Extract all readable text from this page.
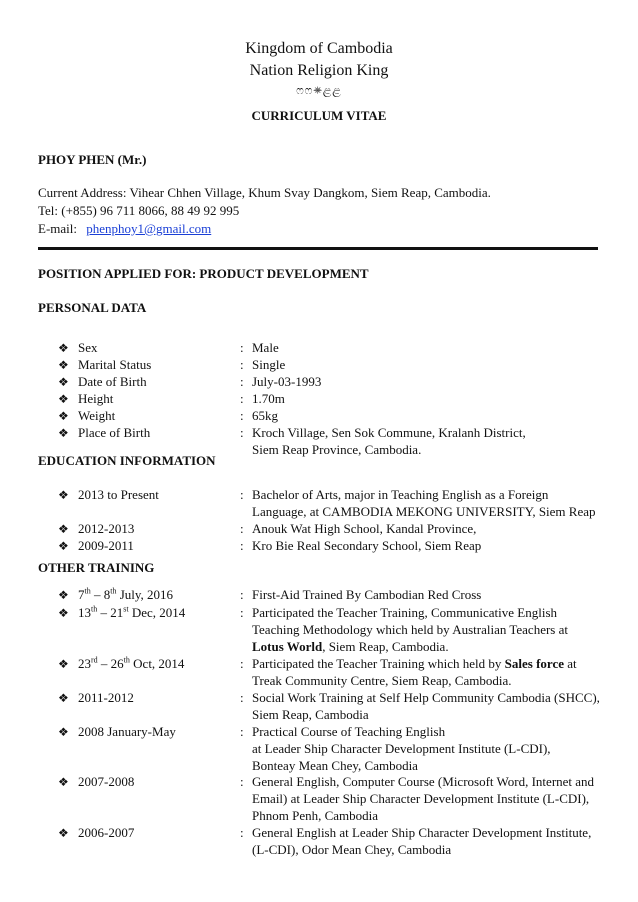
Kingdom of Cambodia
Nation Religion King
ෆෆ✵ළළ
CURRICULUM VITAE
PHOY PHEN (Mr.)
Current Address: Vihear Chhen Village, Khum Svay Dangkom, Siem Reap, Cambodia.
Tel: (+855) 96 711 8066, 88 49 92 995
E-mail: phenphoy1@gmail.com
POSITION APPLIED FOR: PRODUCT DEVELOPMENT
PERSONAL DATA
❖ Sex	: Male
❖ Marital Status	: Single
❖ Date of Birth	: July-03-1993
❖ Height	: 1.70m
❖ Weight	: 65kg
❖ Place of Birth	: Kroch Village, Sen Sok Commune, Kralanh District,
Siem Reap Province, Cambodia.
EDUCATION INFORMATION
❖ 2013 to Present	: Bachelor of Arts, major in Teaching English as a Foreign
Language, at CAMBODIA MEKONG UNIVERSITY, Siem Reap
❖ 2012-2013	: Anouk Wat High School, Kandal Province,
❖ 2009-2011	: Kro Bie Real Secondary School, Siem Reap
OTHER TRAINING
❖ 7th – 8th July, 2016	: First-Aid Trained By Cambodian Red Cross
❖ 13th – 21st Dec, 2014	: Participated the Teacher Training, Communicative English
Teaching Methodology which held by Australian Teachers at
Lotus World, Siem Reap, Cambodia.
❖ 23rd – 26th Oct, 2014	: Participated the Teacher Training which held by Sales force at
Treak Community Centre, Siem Reap, Cambodia.
❖ 2011-2012	: Social Work Training at Self Help Community Cambodia (SHCC),
Siem Reap, Cambodia
❖ 2008 January-May	: Practical Course of Teaching English
at Leader Ship Character Development Institute (L-CDI),
Bonteay Mean Chey, Cambodia
❖ 2007-2008	: General English, Computer Course (Microsoft Word, Internet and
Email) at Leader Ship Character Development Institute (L-CDI),
Phnom Penh, Cambodia
❖ 2006-2007	: General English at Leader Ship Character Development Institute,
(L-CDI), Odor Mean Chey, Cambodia
